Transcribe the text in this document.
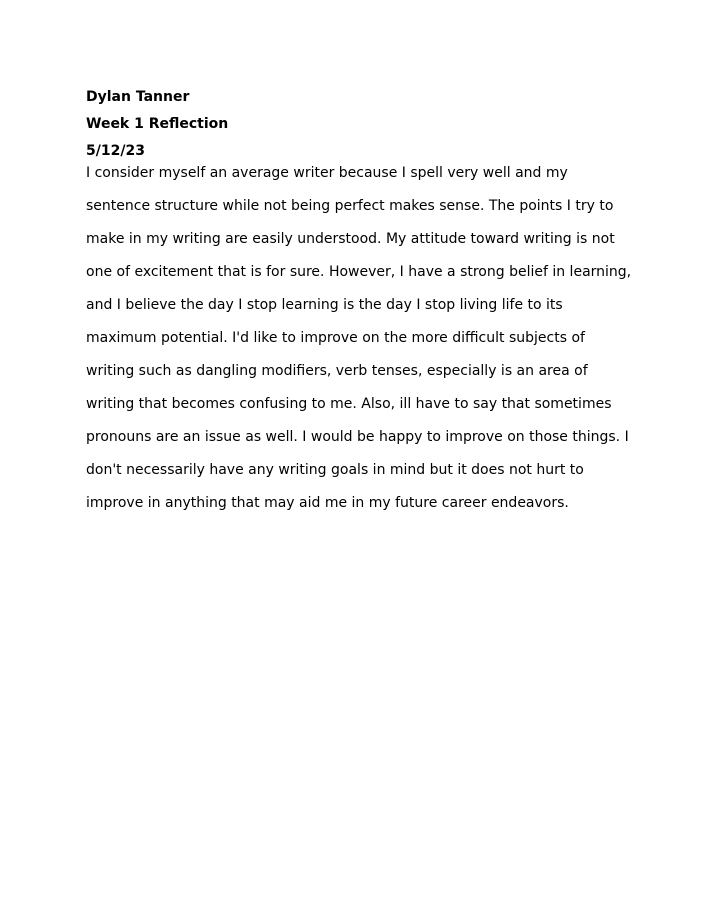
Dylan Tanner
Week 1 Reﬂection
5/12/23
I consider myself an average writer because I spell very well and my
sentence structure while not being perfect makes sense. The points I try to
make in my writing are easily understood. My attitude toward writing is not
one of excitement that is for sure. However, I have a strong belief in learning,
and I believe the day I stop learning is the day I stop living life to its
maximum potential. I'd like to improve on the more difficult subjects of
writing such as dangling modifiers, verb tenses, especially is an area of
writing that becomes confusing to me. Also, ill have to say that sometimes
pronouns are an issue as well. I would be happy to improve on those things. I
don't necessarily have any writing goals in mind but it does not hurt to
improve in anything that may aid me in my future career endeavors.
